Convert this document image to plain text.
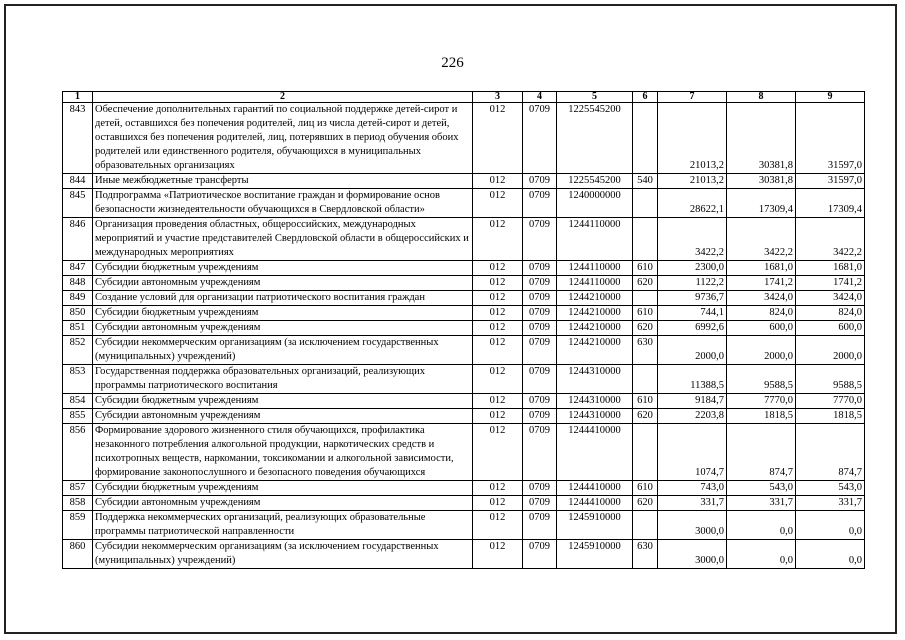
226
1	2	3	4	5	6	7	8	9
843	Обеспечение дополнительных гарантий по социальной поддержке детей-сирот и детей, оставшихся без попечения родителей, лиц из числа детей-сирот и детей, оставшихся без попечения родителей, лиц, потерявших в период обучения обоих родителей или единственного родителя, обучающихся в муниципальных образовательных организациях	012	0709	1225545200		21013,2	30381,8	31597,0
844	Иные межбюджетные трансферты	012	0709	1225545200	540	21013,2	30381,8	31597,0
845	Подпрограмма «Патриотическое воспитание граждан и формирование основ безопасности жизнедеятельности обучающихся в Свердловской области»	012	0709	1240000000		28622,1	17309,4	17309,4
846	Организация проведения областных, общероссийских, международных мероприятий и участие представителей Свердловской области в общероссийских и международных мероприятиях	012	0709	1244110000		3422,2	3422,2	3422,2
847	Субсидии бюджетным учреждениям	012	0709	1244110000	610	2300,0	1681,0	1681,0
848	Субсидии автономным учреждениям	012	0709	1244110000	620	1122,2	1741,2	1741,2
849	Создание условий для организации патриотического воспитания граждан	012	0709	1244210000		9736,7	3424,0	3424,0
850	Субсидии бюджетным учреждениям	012	0709	1244210000	610	744,1	824,0	824,0
851	Субсидии автономным учреждениям	012	0709	1244210000	620	6992,6	600,0	600,0
852	Субсидии некоммерческим организациям (за исключением государственных (муниципальных) учреждений)	012	0709	1244210000	630	2000,0	2000,0	2000,0
853	Государственная поддержка образовательных организаций, реализующих программы патриотического воспитания	012	0709	1244310000		11388,5	9588,5	9588,5
854	Субсидии бюджетным учреждениям	012	0709	1244310000	610	9184,7	7770,0	7770,0
855	Субсидии автономным учреждениям	012	0709	1244310000	620	2203,8	1818,5	1818,5
856	Формирование здорового жизненного стиля обучающихся, профилактика незаконного потребления алкогольной продукции, наркотических средств и психотропных веществ, наркомании, токсикомании и алкогольной зависимости, формирование законопослушного и безопасного поведения обучающихся	012	0709	1244410000		1074,7	874,7	874,7
857	Субсидии бюджетным учреждениям	012	0709	1244410000	610	743,0	543,0	543,0
858	Субсидии автономным учреждениям	012	0709	1244410000	620	331,7	331,7	331,7
859	Поддержка некоммерческих организаций, реализующих образовательные программы патриотической направленности	012	0709	1245910000		3000,0	0,0	0,0
860	Субсидии некоммерческим организациям (за исключением государственных (муниципальных) учреждений)	012	0709	1245910000	630	3000,0	0,0	0,0
